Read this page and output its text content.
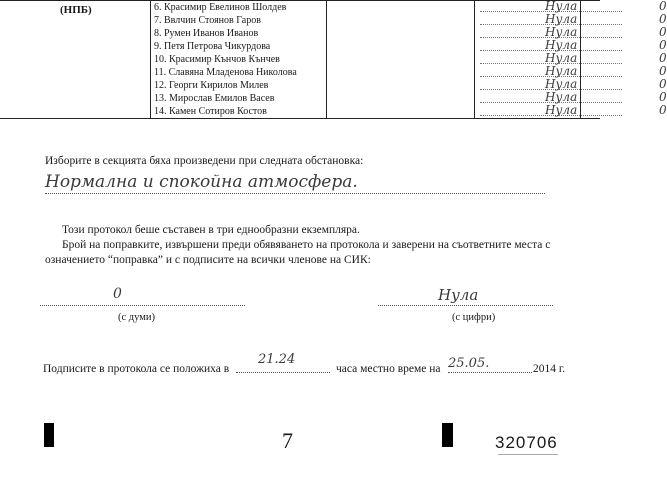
(НПБ)	6. Красимир Евелинов Шолдев	Нула	0
7. Ввлчин Стоянов Гаров	Нула	0
8. Румен Иванов Иванов	Нула	0
9. Петя Петрова Чикурдова	Нула	0
10. Красимир Кънчов Кънчев	Нула	0
11. Славяна Младенова Николова	Нула	0
12. Георги Кирилов Милев	Нула	0
13. Мирослав Емилов Васев	Нула	0
14. Камен Сотиров Костов	Нула	0
Изборите в секцията бяха произведени при следната обстановка:
Нормална и спокойна атмосфера.
Този протокол беше съставен в три еднообразни екземпляра.
Брой на поправките, извършени преди обявяването на протокола и заверени на съответните места с
означението “поправка” и с подписите на всички членове на СИК:
0
(с думи)
Нула
(с цифри)
Подписите в протокола се положиха в
21.24
часа местно време на 25.05.	2014 г.
7	320706
